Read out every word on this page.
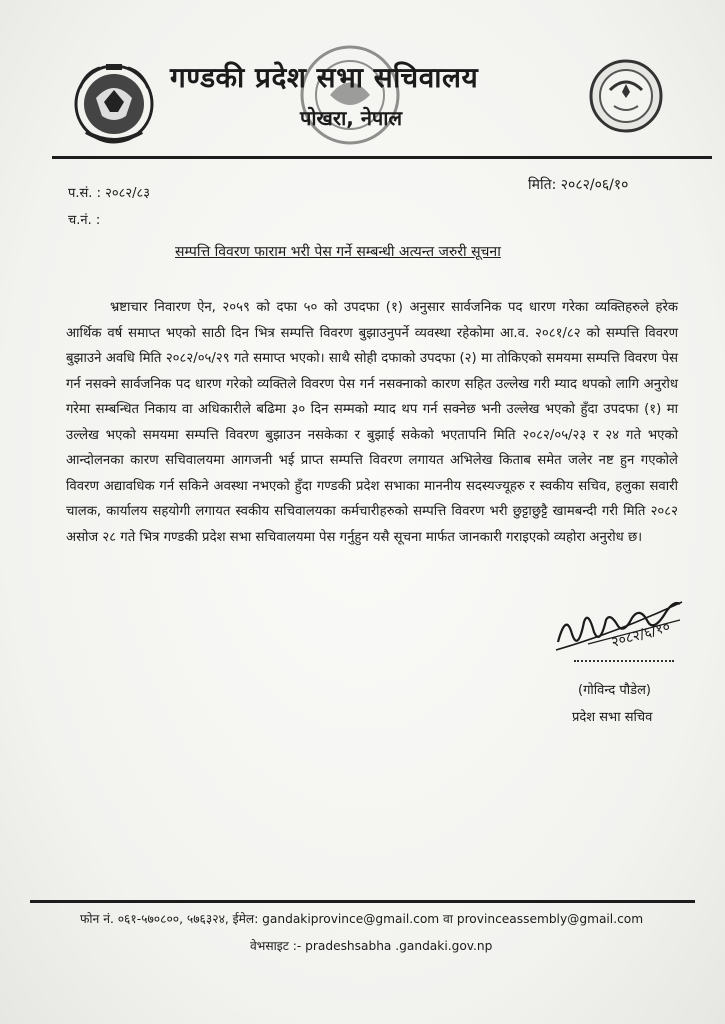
गण्डकी प्रदेश सभा सचिवालय
पोखरा, नेपाल
प.सं. : २०८२/८३
च.नं. :
मिति: २०८२/०६/१०
सम्पत्ति विवरण फाराम भरी पेस गर्ने सम्बन्धी अत्यन्त जरुरी सूचना
भ्रष्टाचार निवारण ऐन, २०५९ को दफा ५० को उपदफा (१) अनुसार सार्वजनिक पद धारण गरेका व्यक्तिहरुले हरेक आर्थिक वर्ष समाप्त भएको साठी दिन भित्र सम्पत्ति विवरण बुझाउनुपर्ने व्यवस्था रहेकोमा आ.व. २०८१/८२ को सम्पत्ति विवरण बुझाउने अवधि मिति २०८२/०५/२९ गते समाप्त भएको। साथै सोही दफाको उपदफा (२) मा तोकिएको समयमा सम्पत्ति विवरण पेस गर्न नसक्ने सार्वजनिक पद धारण गरेको व्यक्तिले विवरण पेस गर्न नसक्नाको कारण सहित उल्लेख गरी म्याद थपको लागि अनुरोध गरेमा सम्बन्धित निकाय वा अधिकारीले बढिमा ३० दिन सम्मको म्याद थप गर्न सक्नेछ भनी उल्लेख भएको हुँदा उपदफा (१) मा उल्लेख भएको समयमा सम्पत्ति विवरण बुझाउन नसकेका र बुझाई सकेको भएतापनि मिति २०८२/०५/२३ र २४ गते भएको आन्दोलनका कारण सचिवालयमा आगजनी भई प्राप्त सम्पत्ति विवरण लगायत अभिलेख किताब समेत जलेर नष्ट हुन गएकोले विवरण अद्यावधिक गर्न सकिने अवस्था नभएको हुँदा गण्डकी प्रदेश सभाका माननीय सदस्यज्यूहरु र स्वकीय सचिव, हलुका सवारी चालक, कार्यालय सहयोगी लगायत स्वकीय सचिवालयका कर्मचारीहरुको सम्पत्ति विवरण भरी छुट्टाछुट्टै खामबन्दी गरी मिति २०८२ असोज २८ गते भित्र गण्डकी प्रदेश सभा सचिवालयमा पेस गर्नुहुन यसै सूचना मार्फत जानकारी गराइएको व्यहोरा अनुरोध छ।
२०८२/६/१०
(गोविन्द पौडेल)
प्रदेश सभा सचिव
फोन नं. ०६१-५७०८००, ५७६३२४, ईमेल: gandakiprovince@gmail.com वा provinceassembly@gmail.com
वेभसाइट :- pradeshsabha .gandaki.gov.np
